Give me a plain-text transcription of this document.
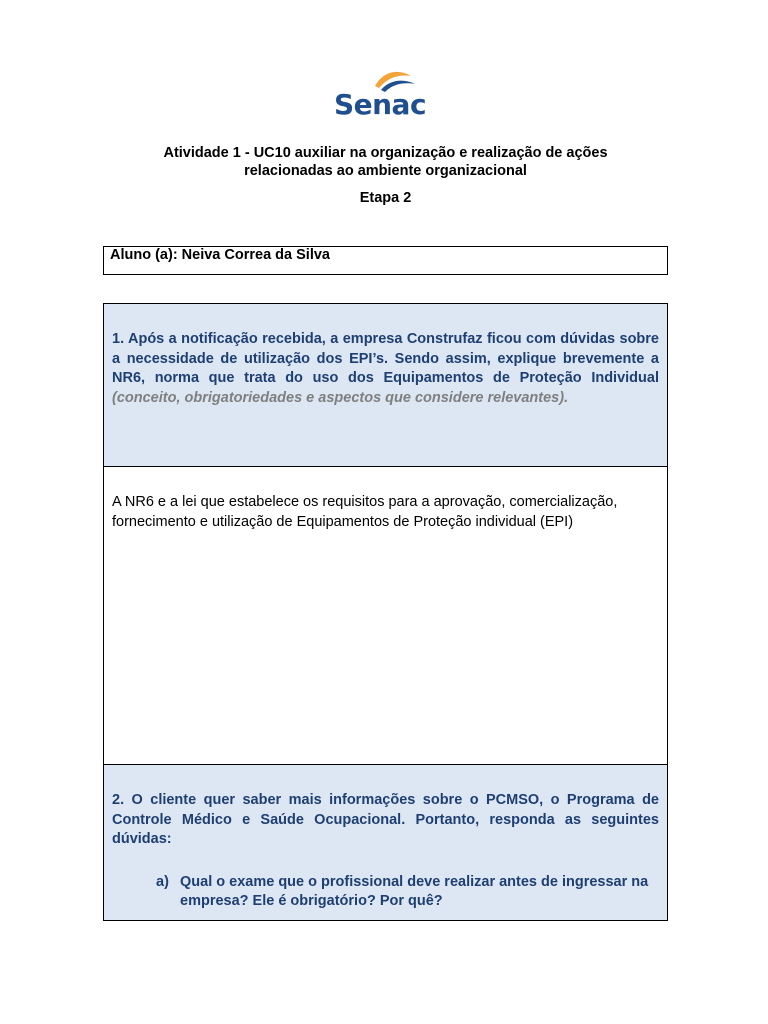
Senac
Atividade 1 - UC10 auxiliar na organização e realização de ações
relacionadas ao ambiente organizacional
Etapa 2
Aluno (a): Neiva Correa da Silva
1. Após a notificação recebida, a empresa Construfaz ficou com dúvidas sobre a necessidade de utilização dos EPI’s. Sendo assim, explique brevemente a NR6, norma que trata do uso dos Equipamentos de Proteção Individual (conceito, obrigatoriedades e aspectos que considere relevantes).
A NR6 e a lei que estabelece os requisitos para a aprovação, comercialização, fornecimento e utilização de Equipamentos de Proteção individual (EPI)
2. O cliente quer saber mais informações sobre o PCMSO, o Programa de Controle Médico e Saúde Ocupacional. Portanto, responda as seguintes dúvidas:
a) Qual o exame que o profissional deve realizar antes de ingressar na empresa? Ele é obrigatório? Por quê?
